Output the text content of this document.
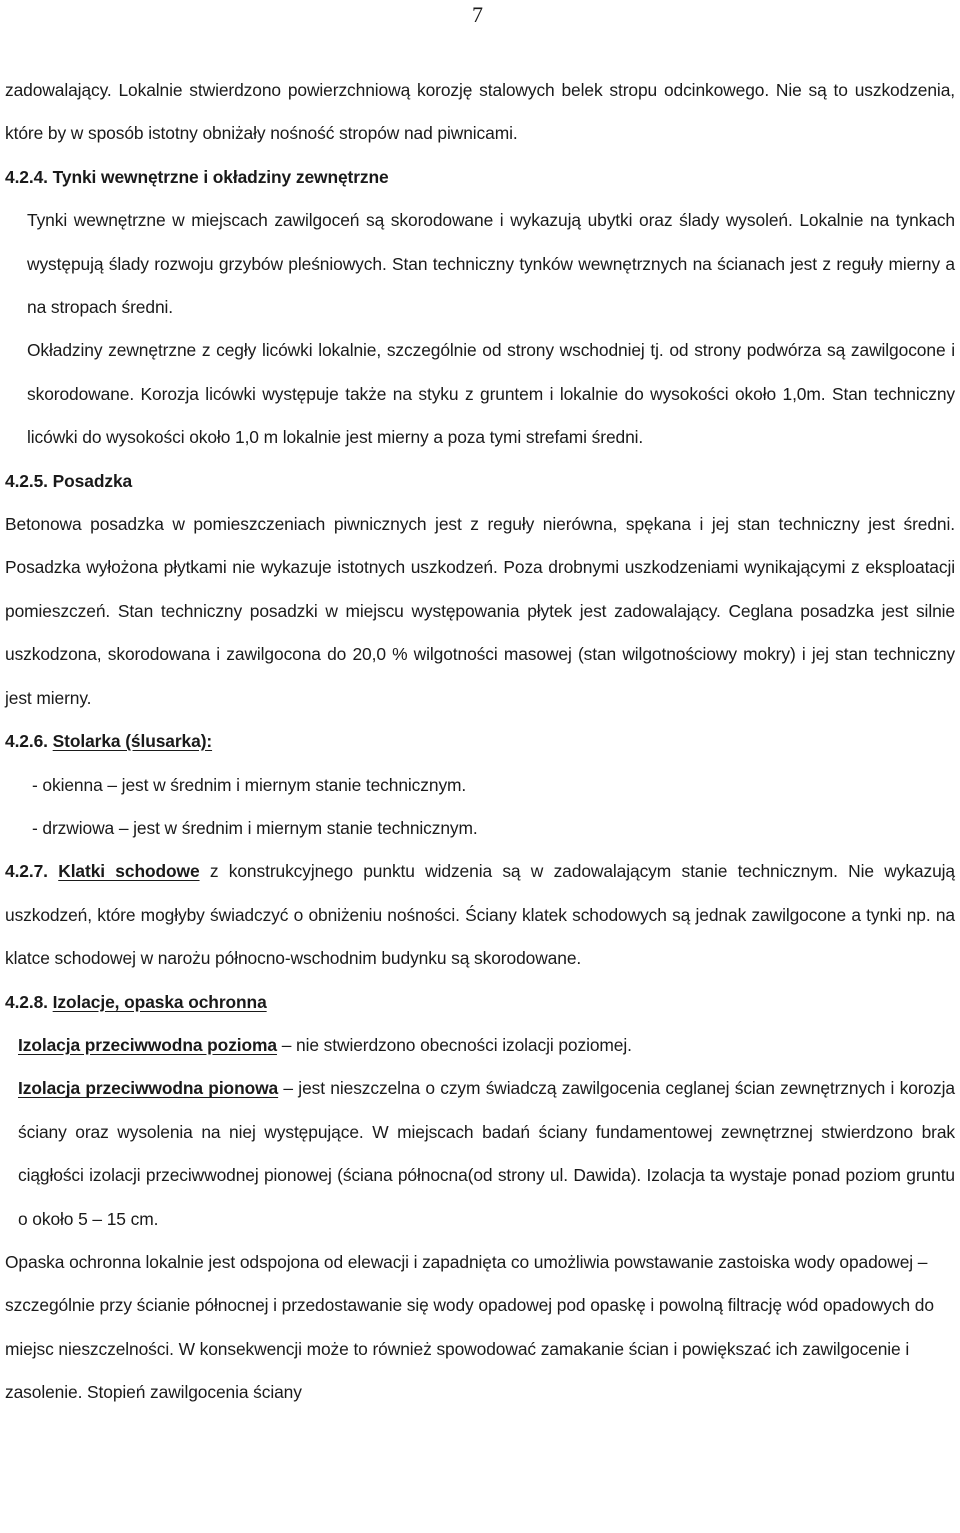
7

zadowalający. Lokalnie stwierdzono powierzchniową korozję stalowych belek stropu odcinkowego. Nie są to uszkodzenia, które by w sposób istotny obniżały nośność stropów nad piwnicami.

4.2.4. Tynki wewnętrzne i okładziny zewnętrzne

Tynki wewnętrzne w miejscach zawilgoceń są skorodowane i wykazują ubytki oraz ślady wysoleń. Lokalnie na tynkach występują ślady rozwoju grzybów pleśniowych. Stan techniczny tynków wewnętrznych na ścianach jest z reguły mierny a na stropach średni.

Okładziny zewnętrzne z cegły licówki lokalnie, szczególnie od strony wschodniej tj. od strony podwórza są zawilgocone i skorodowane. Korozja licówki występuje także na styku z gruntem i lokalnie do wysokości około 1,0m. Stan techniczny licówki do wysokości około 1,0 m lokalnie jest mierny a poza tymi strefami średni.

4.2.5. Posadzka

Betonowa posadzka w pomieszczeniach piwnicznych jest z reguły nierówna, spękana i jej stan techniczny jest średni. Posadzka wyłożona płytkami nie wykazuje istotnych uszkodzeń. Poza drobnymi uszkodzeniami wynikającymi z eksploatacji pomieszczeń. Stan techniczny posadzki w miejscu występowania płytek jest zadowalający. Ceglana posadzka jest silnie uszkodzona, skorodowana i zawilgocona do 20,0 % wilgotności masowej (stan wilgotnościowy mokry) i jej stan techniczny jest mierny.

4.2.6. Stolarka (ślusarka):

- okienna – jest w średnim i miernym stanie technicznym.

- drzwiowa – jest w średnim i miernym stanie technicznym.

4.2.7. Klatki schodowe z konstrukcyjnego punktu widzenia są w zadowalającym stanie technicznym. Nie wykazują uszkodzeń, które mogłyby świadczyć o obniżeniu nośności. Ściany klatek schodowych są jednak zawilgocone a tynki np. na klatce schodowej w narożu północno-wschodnim budynku są skorodowane.

4.2.8. Izolacje, opaska ochronna

Izolacja przeciwwodna pozioma – nie stwierdzono obecności izolacji poziomej.

Izolacja przeciwwodna pionowa – jest nieszczelna o czym świadczą zawilgocenia ceglanej ścian zewnętrznych i korozja ściany oraz wysolenia na niej występujące. W miejscach badań ściany fundamentowej zewnętrznej stwierdzono brak ciągłości izolacji przeciwwodnej pionowej (ściana północna(od strony ul. Dawida). Izolacja ta wystaje ponad poziom gruntu o około 5 – 15 cm.

Opaska ochronna lokalnie jest odspojona od elewacji i zapadnięta co umożliwia powstawanie zastoiska wody opadowej – szczególnie przy ścianie północnej i przedostawanie się wody opadowej pod opaskę i powolną filtrację wód opadowych do miejsc nieszczelności. W konsekwencji może to również spowodować zamakanie ścian i powiększać ich zawilgocenie i zasolenie. Stopień zawilgocenia ściany
